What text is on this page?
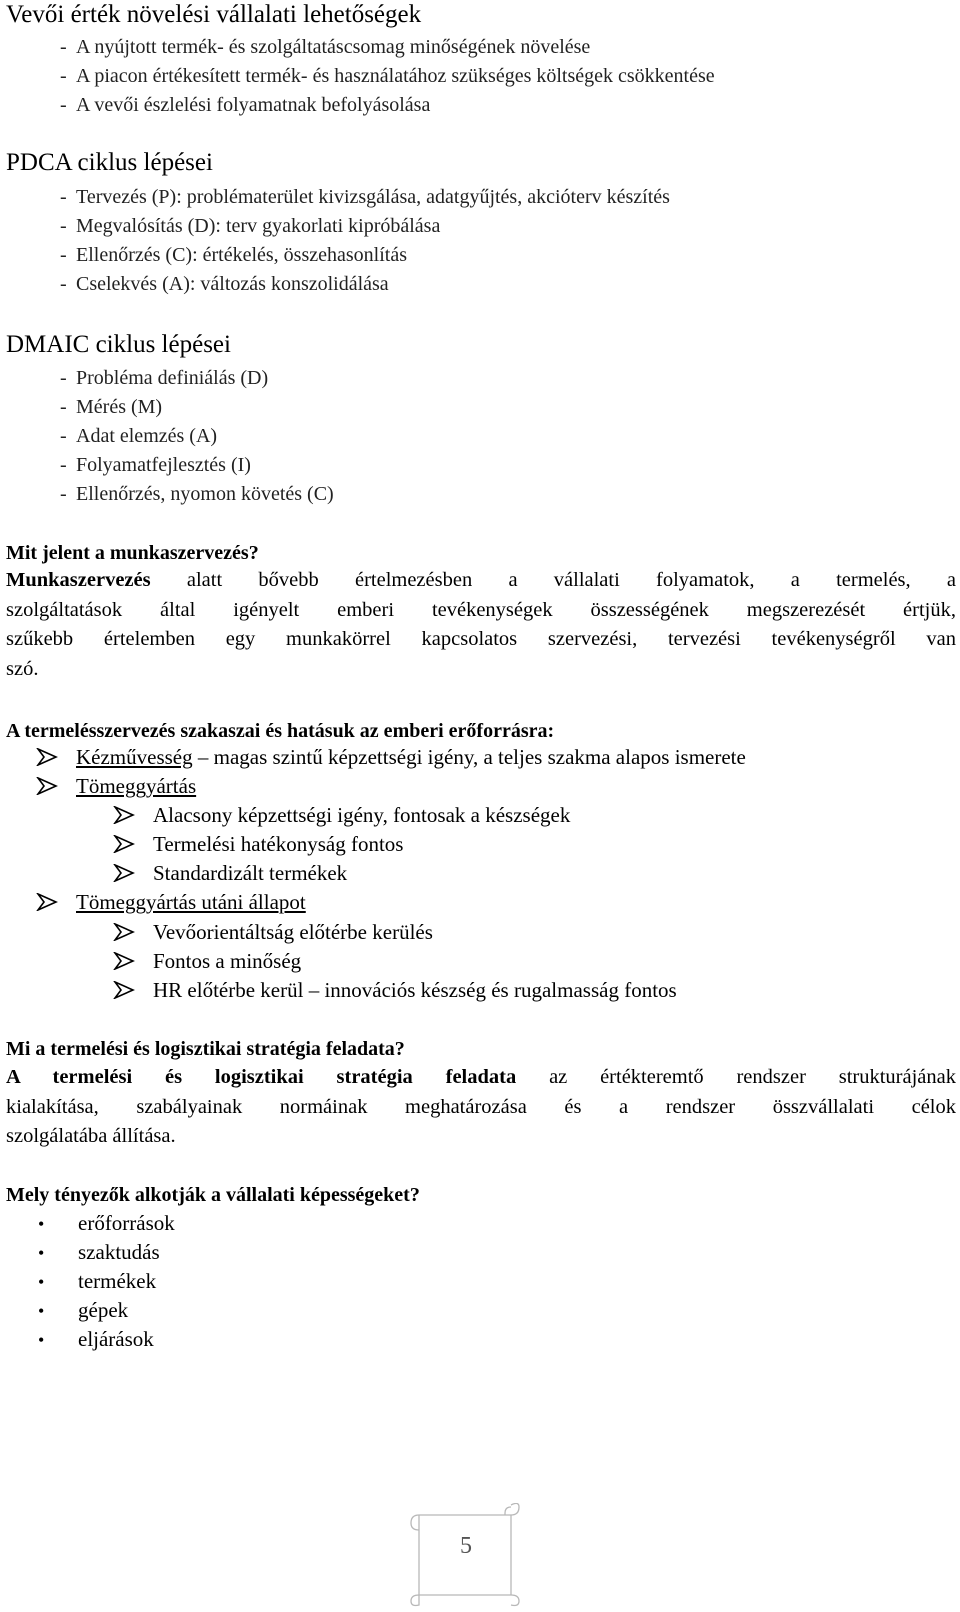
Vevői érték növelési vállalati lehetőségek
- A nyújtott termék- és szolgáltatáscsomag minőségének növelése
- A piacon értékesített termék- és használatához szükséges költségek csökkentése
- A vevői észlelési folyamatnak befolyásolása
PDCA ciklus lépései
- Tervezés (P): problématerület kivizsgálása, adatgyűjtés, akcióterv készítés
- Megvalósítás (D): terv gyakorlati kipróbálása
- Ellenőrzés (C): értékelés, összehasonlítás
- Cselekvés (A): változás konszolidálása
DMAIC ciklus lépései
- Probléma definiálás (D)
- Mérés (M)
- Adat elemzés (A)
- Folyamatfejlesztés (I)
- Ellenőrzés, nyomon követés (C)
Mit jelent a munkaszervezés?
Munkaszervezés alatt bővebb értelmezésben a vállalati folyamatok, a termelés, a
szolgáltatások által igényelt emberi tevékenységek összességének megszerezését értjük,
szűkebb értelemben egy munkakörrel kapcsolatos szervezési, tervezési tevékenységről van
szó.
A termelésszervezés szakaszai és hatásuk az emberi erőforrásra:
Kézművesség – magas szintű képzettségi igény, a teljes szakma alapos ismerete
Tömeggyártás
Alacsony képzettségi igény, fontosak a készségek
Termelési hatékonyság fontos
Standardizált termékek
Tömeggyártás utáni állapot
Vevőorientáltság előtérbe kerülés
Fontos a minőség
HR előtérbe kerül – innovációs készség és rugalmasság fontos
Mi a termelési és logisztikai stratégia feladata?
A termelési és logisztikai stratégia feladata az értékteremtő rendszer strukturájának
kialakítása, szabályainak normáinak meghatározása és a rendszer összvállalati célok
szolgálatába állítása.
Mely tényezők alkotják a vállalati képességeket?
• erőforrások
• szaktudás
• termékek
• gépek
• eljárások
5
